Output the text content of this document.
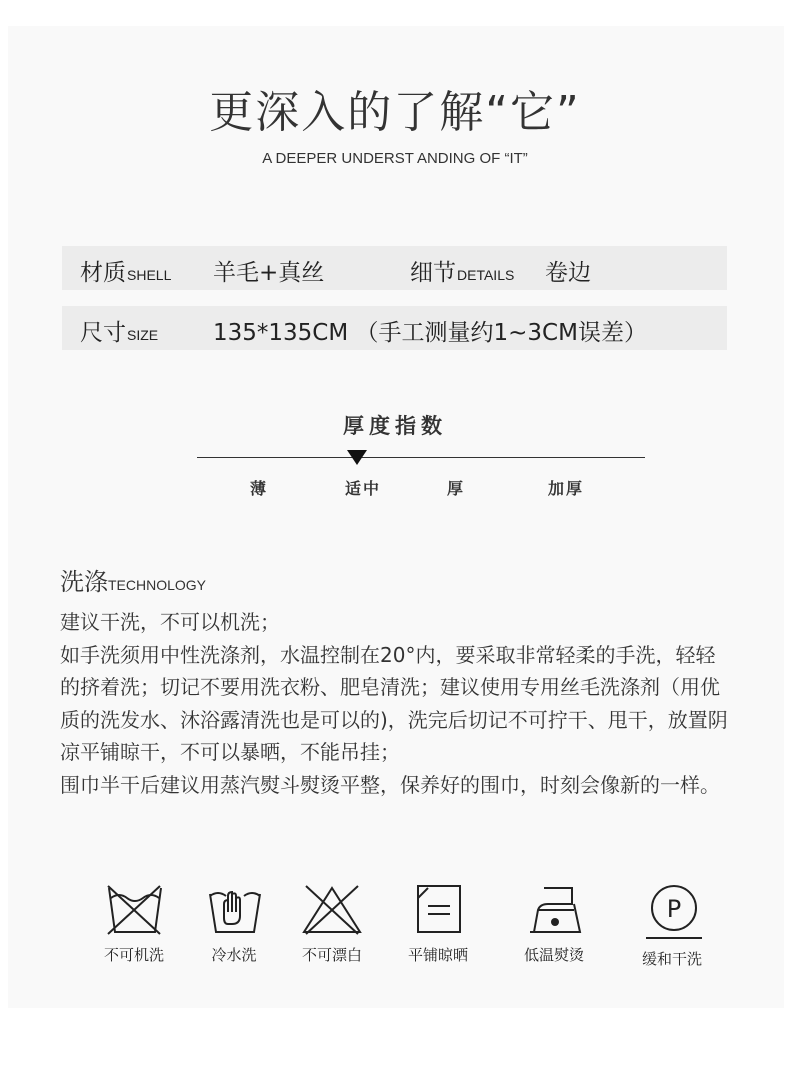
更深入的了解“它”
A DEEPER UNDERST ANDING OF “IT”
材质SHELL 羊毛+真丝	细节DETAILS 卷边
尺寸SIZE 135*135CM （手工测量约1~3CM误差）
厚度指数
薄	适中	厚	加厚
洗涤TECHNOLOGY

建议干洗，不可以机洗；

如手洗须用中性洗涤剂，水温控制在20°内，要采取非常轻柔的手洗，轻轻的挤着洗；切记不要用洗衣粉、肥皂清洗；建议使用专用丝毛洗涤剂（用优质的洗发水、沐浴露清洗也是可以的)，洗完后切记不可拧干、甩干，放置阴凉平铺晾干，不可以暴晒，不能吊挂；

围巾半干后建议用蒸汽熨斗熨烫平整，保养好的围巾，时刻会像新的一样。

不可机洗	冷水洗	不可漂白	平铺晾晒	低温熨烫
P
缓和干洗
